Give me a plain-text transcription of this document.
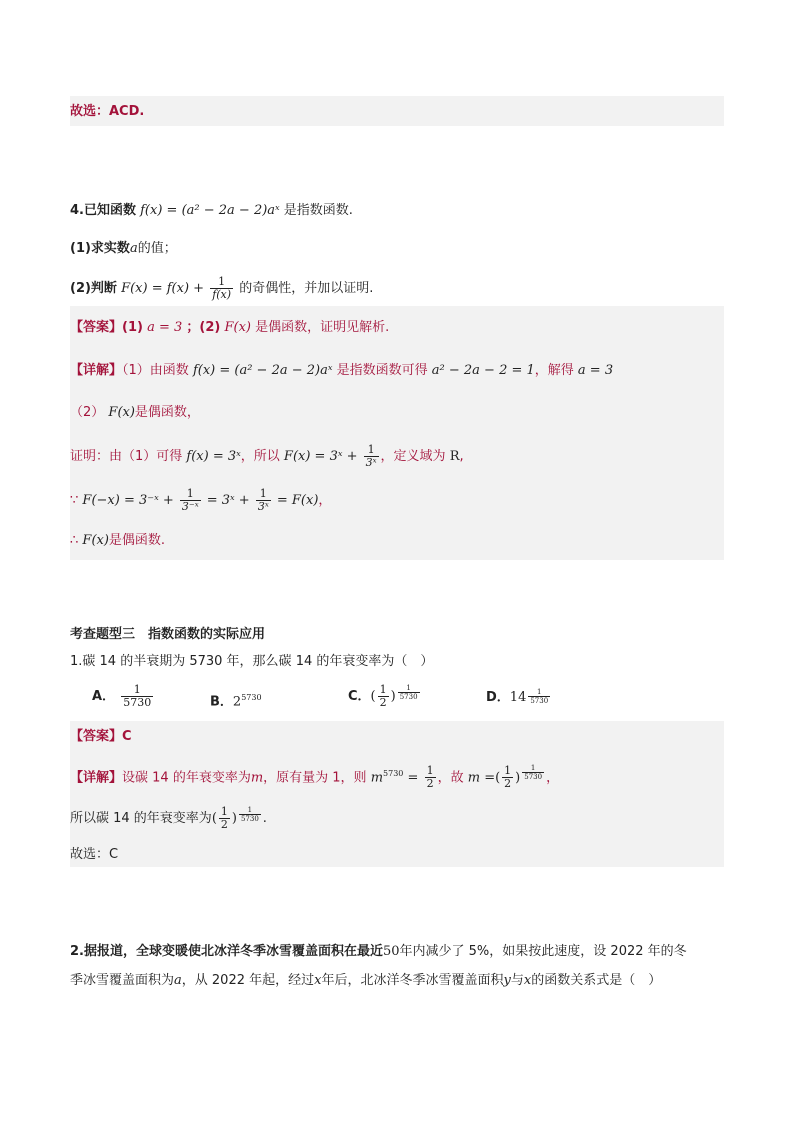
故选：ACD.
4.已知函数 f(x) = (a² − 2a − 2)aˣ 是指数函数.
(1)求实数a的值；
(2)判断 $F(x) = f(x) + \frac{1}{f(x)}$ 的奇偶性，并加以证明.
【答案】(1) a = 3 ；(2) F(x) 是偶函数，证明见解析.
【详解】（1）由函数 f(x) = (a² − 2a − 2)aˣ 是指数函数可得 a² − 2a − 2 = 1，解得 a = 3
（2） F(x)是偶函数，
证明：由（1）可得 f(x) = 3ˣ，所以 F(x) = 3ˣ + $\frac{1}{\text{3ˣ}}$ ，定义域为 R,
∵ F(−x) = 3⁻ˣ + $\frac{1}{\text{3⁻ˣ}}$ = 3ˣ + $\frac{1}{\text{3ˣ}} = F(x)$，
∴ F(x)是偶函数.
考查题型三　指数函数的实际应用
1.碳 14 的半衰期为 5730 年，那么碳 14 的年衰变率为（　）
A． $\frac{1}{5730}$	B．$2^{5730}$	C．( $\frac{1}{2}$ ) $\frac{1}{5730}$	D．$14 \frac{1}{5730}$
【答案】C
【详解】设碳 14 的年衰变率为m，原有量为 1，则 $m^{5730} = \frac{1}{2}$ ，故 m =( $\frac{1}{2}$ ) $\frac{1}{5730}$ ，
所以碳 14 的年衰变率为( $\frac{1}{2}$ ) $\frac{1}{5730}$ .
故选：C
2.据报道，全球变暖使北冰洋冬季冰雪覆盖面积在最近50年内减少了 5%，如果按此速度，设 2022 年的冬
季冰雪覆盖面积为a，从 2022 年起，经过x年后，北冰洋冬季冰雪覆盖面积y与x的函数关系式是（　）
